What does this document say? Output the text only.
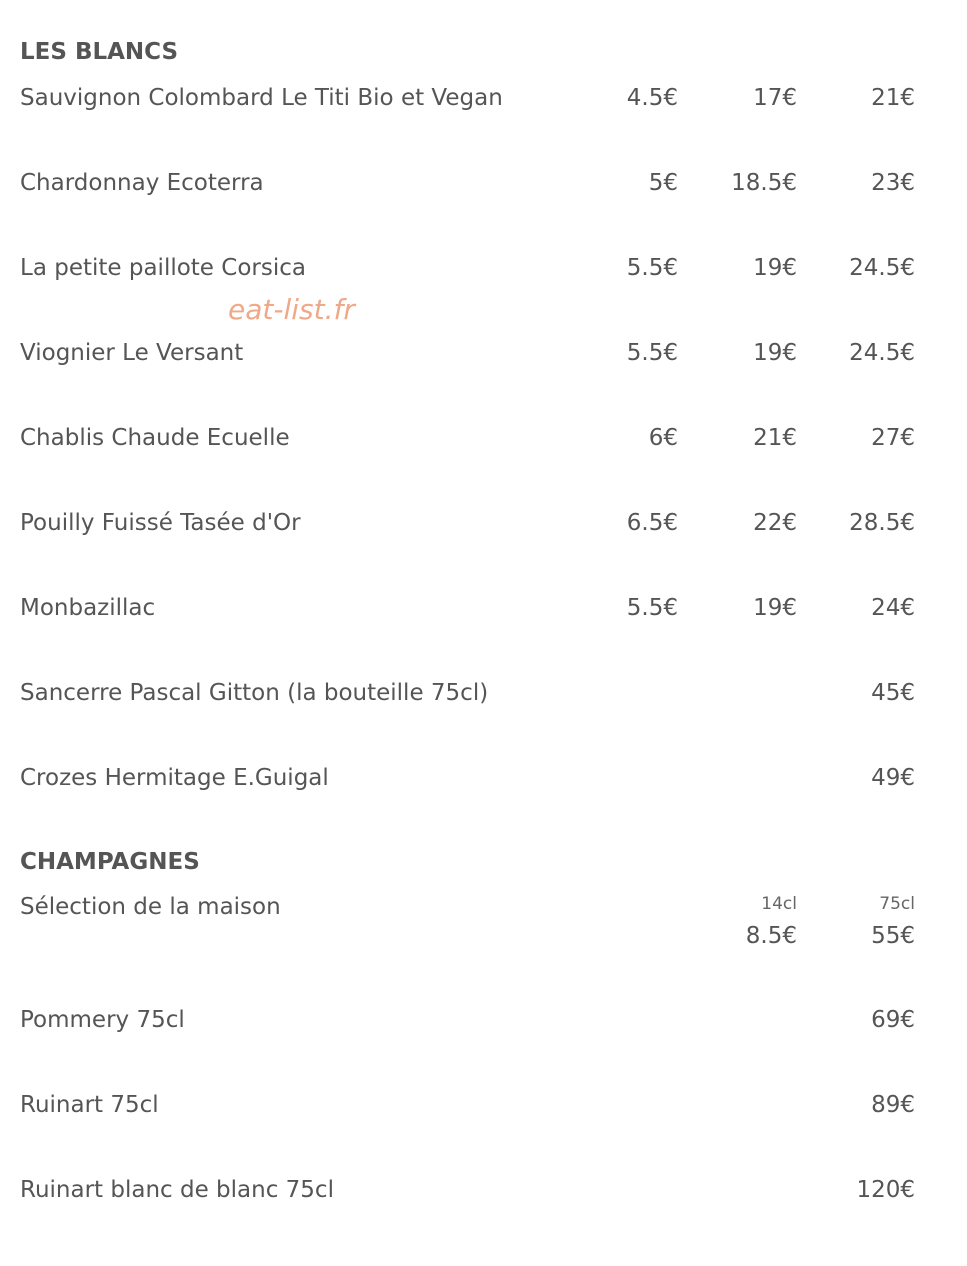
LES BLANCS
Sauvignon Colombard Le Titi Bio et Vegan	4.5€	17€	21€
Chardonnay Ecoterra	5€	18.5€	23€
La petite paillote Corsica	5.5€	19€	24.5€
eat-list.fr
Viognier Le Versant	5.5€	19€	24.5€
Chablis Chaude Ecuelle	6€	21€	27€
Pouilly Fuissé Tasée d'Or	6.5€	22€	28.5€
Monbazillac	5.5€	19€	24€
Sancerre Pascal Gitton (la bouteille 75cl)	45€
Crozes Hermitage E.Guigal	49€
CHAMPAGNES
Sélection de la maison	14cl	75cl
8.5€	55€
Pommery 75cl	69€
Ruinart 75cl	89€
Ruinart blanc de blanc 75cl	120€
